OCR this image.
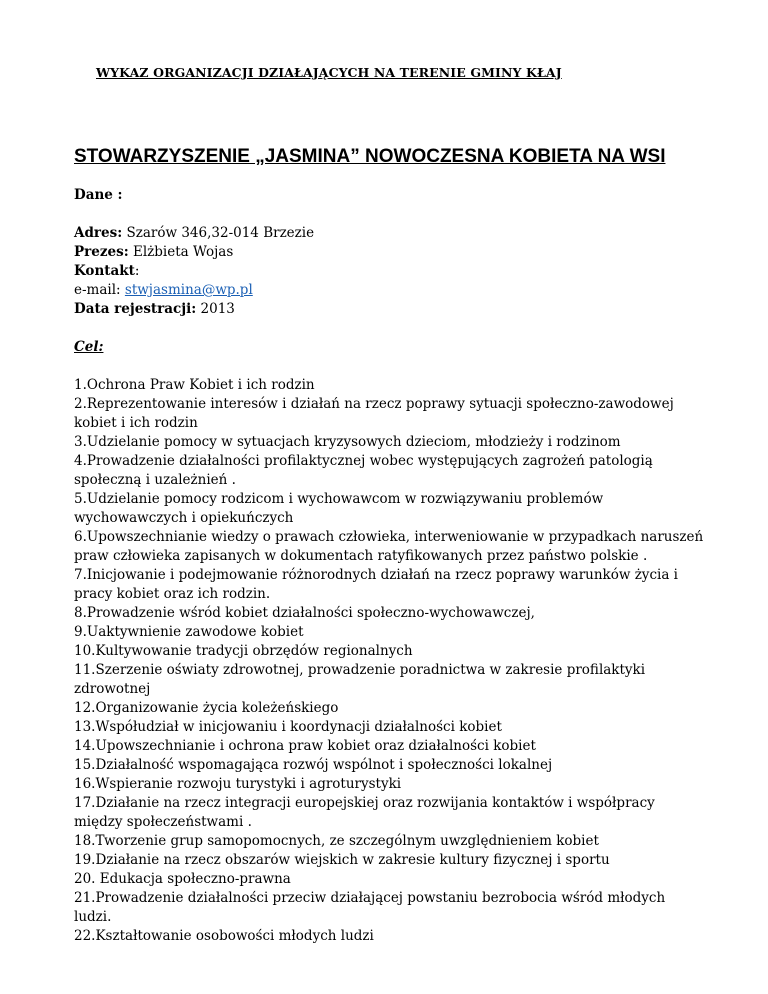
WYKAZ ORGANIZACJI DZIAŁAJĄCYCH NA TERENIE GMINY KŁAJ
STOWARZYSZENIE „JASMINA” NOWOCZESNA KOBIETA NA WSI

Dane :

Adres: Szarów 346,32-014 Brzezie

Prezes: Elżbieta Wojas

Kontakt:

e-mail: stwjasmina@wp.pl

Data rejestracji: 2013

Cel:

1.Ochrona Praw Kobiet i ich rodzin
2.Reprezentowanie interesów i działań na rzecz poprawy sytuacji społeczno-zawodowej kobiet i ich rodzin
3.Udzielanie pomocy w sytuacjach kryzysowych dzieciom, młodzieży i rodzinom
4.Prowadzenie działalności profilaktycznej wobec występujących zagrożeń patologią społeczną i uzależnień .
5.Udzielanie pomocy rodzicom i wychowawcom w rozwiązywaniu problemów wychowawczych i opiekuńczych
6.Upowszechnianie wiedzy o prawach człowieka, interweniowanie w przypadkach naruszeń praw człowieka zapisanych w dokumentach ratyfikowanych przez państwo polskie .
7.Inicjowanie i podejmowanie różnorodnych działań na rzecz poprawy warunków życia i pracy kobiet oraz ich rodzin.
8.Prowadzenie wśród kobiet działalności społeczno-wychowawczej,
9.Uaktywnienie zawodowe kobiet
10.Kultywowanie tradycji obrzędów regionalnych
11.Szerzenie oświaty zdrowotnej, prowadzenie poradnictwa w zakresie profilaktyki zdrowotnej
12.Organizowanie życia koleżeńskiego
13.Współudział w inicjowaniu i koordynacji działalności kobiet
14.Upowszechnianie i ochrona praw kobiet oraz działalności kobiet
15.Działalność wspomagająca rozwój wspólnot i społeczności lokalnej
16.Wspieranie rozwoju turystyki i agroturystyki
17.Działanie na rzecz integracji europejskiej oraz rozwijania kontaktów i współpracy między społeczeństwami .
18.Tworzenie grup samopomocnych, ze szczególnym uwzględnieniem kobiet
19.Działanie na rzecz obszarów wiejskich w zakresie kultury fizycznej i sportu
20. Edukacja społeczno-prawna
21.Prowadzenie działalności przeciw działającej powstaniu bezrobocia wśród młodych ludzi.
22.Kształtowanie osobowości młodych ludzi
